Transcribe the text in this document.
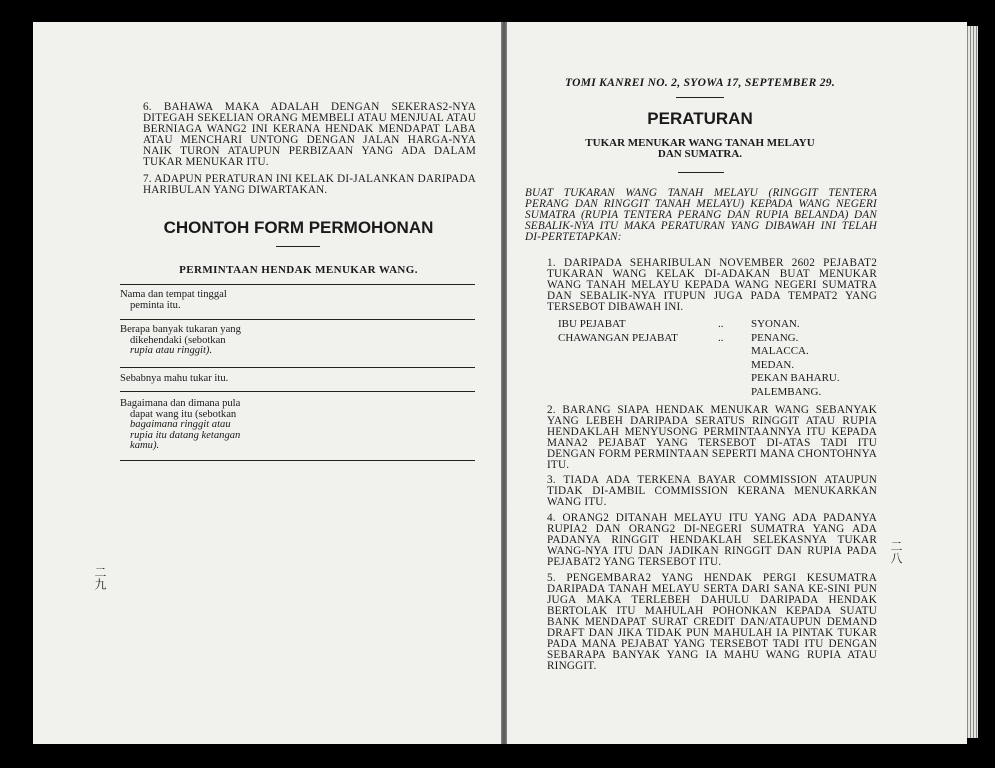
6. BAHAWA MAKA ADALAH DENGAN SEKERAS2-NYA DITEGAH SEKELIAN ORANG MEMBELI ATAU MENJUAL ATAU BERNIAGA WANG2 INI KERANA HENDAK MENDAPAT LABA ATAU MENCHARI UNTONG DENGAN JALAN HARGA-NYA NAIK TURON ATAUPUN PERBIZAAN YANG ADA DALAM TUKAR MENUKAR ITU.
7. ADAPUN PERATURAN INI KELAK DI-JALANKAN DARIPADA HARIBULAN YANG DIWARTAKAN.
CHONTOH FORM PERMOHONAN
PERMINTAAN HENDAK MENUKAR WANG.
Nama dan tempat tinggal
peminta itu.
Berapa banyak tukaran yang
dikehendaki (sebotkan
rupia atau ringgit).
Sebabnya mahu tukar itu.
Bagaimana dan dimana pula
dapat wang itu (sebotkan
bagaimana ringgit atau
rupia itu datang ketangan
kamu).
二九
TOMI KANREI NO. 2, SYOWA 17, SEPTEMBER 29.
PERATURAN
TUKAR MENUKAR WANG TANAH MELAYU
DAN SUMATRA.
BUAT TUKARAN WANG TANAH MELAYU (RINGGIT TENTERA PERANG DAN RINGGIT TANAH MELAYU) KEPADA WANG NEGERI SUMATRA (RUPIA TENTERA PERANG DAN RUPIA BELANDA) DAN SEBALIK-NYA ITU MAKA PERATURAN YANG DIBAWAH INI TELAH DI-PERTETAPKAN:
1. DARIPADA SEHARIBULAN NOVEMBER 2602 PEJABAT2 TUKARAN WANG KELAK DI-ADAKAN BUAT MENUKAR WANG TANAH MELAYU KEPADA WANG NEGERI SUMATRA DAN SEBALIK-NYA ITUPUN JUGA PADA TEMPAT2 YANG TERSEBOT DIBAWAH INI.
IBU PEJABAT	..	SYONAN.
CHAWANGAN PEJABAT	..	PENANG.
MALACCA.
MEDAN.
PEKAN BAHARU.
PALEMBANG.
2. BARANG SIAPA HENDAK MENUKAR WANG SEBANYAK YANG LEBEH DARIPADA SERATUS RINGGIT ATAU RUPIA HENDAKLAH MENYUSONG PERMINTAANNYA ITU KEPADA MANA2 PEJABAT YANG TERSEBOT DI-ATAS TADI ITU DENGAN FORM PERMINTAAN SEPERTI MANA CHONTOHNYA ITU.
3. TIADA ADA TERKENA BAYAR COMMISSION ATAUPUN TIDAK DI-AMBIL COMMISSION KERANA MENUKARKAN WANG ITU.
4. ORANG2 DITANAH MELAYU ITU YANG ADA PADANYA RUPIA2 DAN ORANG2 DI-NEGERI SUMATRA YANG ADA PADANYA RINGGIT HENDAKLAH SELEKASNYA TUKAR WANG-NYA ITU DAN JADIKAN RINGGIT DAN RUPIA PADA PEJABAT2 YANG TERSEBOT ITU.
5. PENGEMBARA2 YANG HENDAK PERGI KESUMATRA DARIPADA TANAH MELAYU SERTA DARI SANA KE-SINI PUN JUGA MAKA TERLEBEH DAHULU DARIPADA HENDAK BERTOLAK ITU MAHULAH POHONKAN KEPADA SUATU BANK MENDAPAT SURAT CREDIT DAN/ATAUPUN DEMAND DRAFT DAN JIKA TIDAK PUN MAHULAH IA PINTAK TUKAR PADA MANA PEJABAT YANG TERSEBOT TADI ITU DENGAN SEBARAPA BANYAK YANG IA MAHU WANG RUPIA ATAU RINGGIT.
二八
